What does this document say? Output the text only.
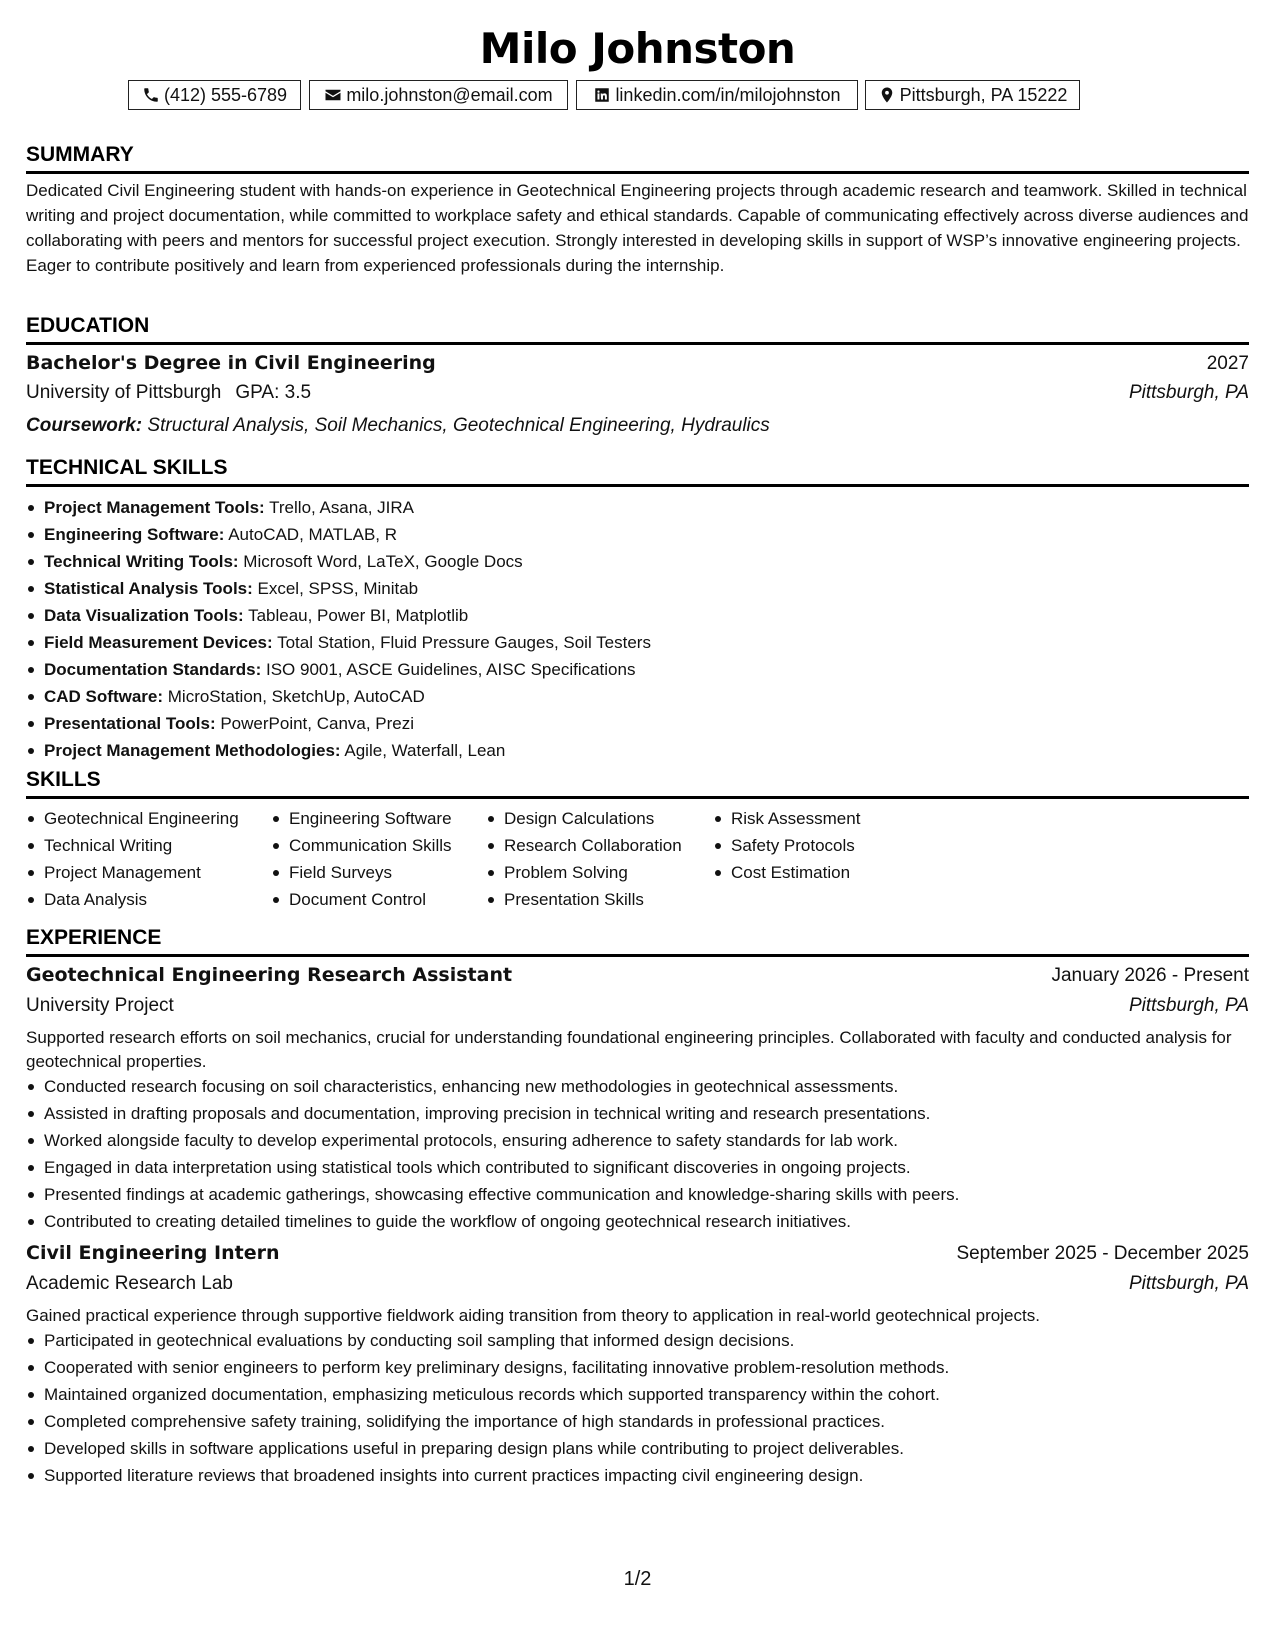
Milo Johnston
(412) 555-6789	milo.johnston@email.com	linkedin.com/in/milojohnston	Pittsburgh, PA 15222
SUMMARY

Dedicated Civil Engineering student with hands-on experience in Geotechnical Engineering projects through academic research and teamwork. Skilled in technical writing and project documentation, while committed to workplace safety and ethical standards. Capable of communicating effectively across diverse audiences and collaborating with peers and mentors for successful project execution. Strongly interested in developing skills in support of WSP’s innovative engineering projects. Eager to contribute positively and learn from experienced professionals during the internship.

EDUCATION
Bachelor's Degree in Civil Engineering	2027
University of Pittsburgh GPA: 3.5	Pittsburgh, PA
Coursework: Structural Analysis, Soil Mechanics, Geotechnical Engineering, Hydraulics
TECHNICAL SKILLS
Project Management Tools: Trello, Asana, JIRA
Engineering Software: AutoCAD, MATLAB, R
Technical Writing Tools: Microsoft Word, LaTeX, Google Docs
Statistical Analysis Tools: Excel, SPSS, Minitab
Data Visualization Tools: Tableau, Power BI, Matplotlib
Field Measurement Devices: Total Station, Fluid Pressure Gauges, Soil Testers
Documentation Standards: ISO 9001, ASCE Guidelines, AISC Specifications
CAD Software: MicroStation, SketchUp, AutoCAD
Presentational Tools: PowerPoint, Canva, Prezi
Project Management Methodologies: Agile, Waterfall, Lean
SKILLS
Geotechnical Engineering
Technical Writing
Project Management
Data Analysis
Engineering Software
Communication Skills
Field Surveys
Document Control
Design Calculations
Research Collaboration
Problem Solving
Presentation Skills
Risk Assessment
Safety Protocols
Cost Estimation
EXPERIENCE
Geotechnical Engineering Research Assistant	January 2026 - Present
University Project	Pittsburgh, PA

Supported research efforts on soil mechanics, crucial for understanding foundational engineering principles. Collaborated with faculty and conducted analysis for geotechnical properties.

Conducted research focusing on soil characteristics, enhancing new methodologies in geotechnical assessments.
Assisted in drafting proposals and documentation, improving precision in technical writing and research presentations.
Worked alongside faculty to develop experimental protocols, ensuring adherence to safety standards for lab work.
Engaged in data interpretation using statistical tools which contributed to significant discoveries in ongoing projects.
Presented findings at academic gatherings, showcasing effective communication and knowledge-sharing skills with peers.
Contributed to creating detailed timelines to guide the workflow of ongoing geotechnical research initiatives.
Civil Engineering Intern	September 2025 - December 2025
Academic Research Lab	Pittsburgh, PA

Gained practical experience through supportive fieldwork aiding transition from theory to application in real-world geotechnical projects.

Participated in geotechnical evaluations by conducting soil sampling that informed design decisions.
Cooperated with senior engineers to perform key preliminary designs, facilitating innovative problem-resolution methods.
Maintained organized documentation, emphasizing meticulous records which supported transparency within the cohort.
Completed comprehensive safety training, solidifying the importance of high standards in professional practices.
Developed skills in software applications useful in preparing design plans while contributing to project deliverables.
Supported literature reviews that broadened insights into current practices impacting civil engineering design.
1/2
